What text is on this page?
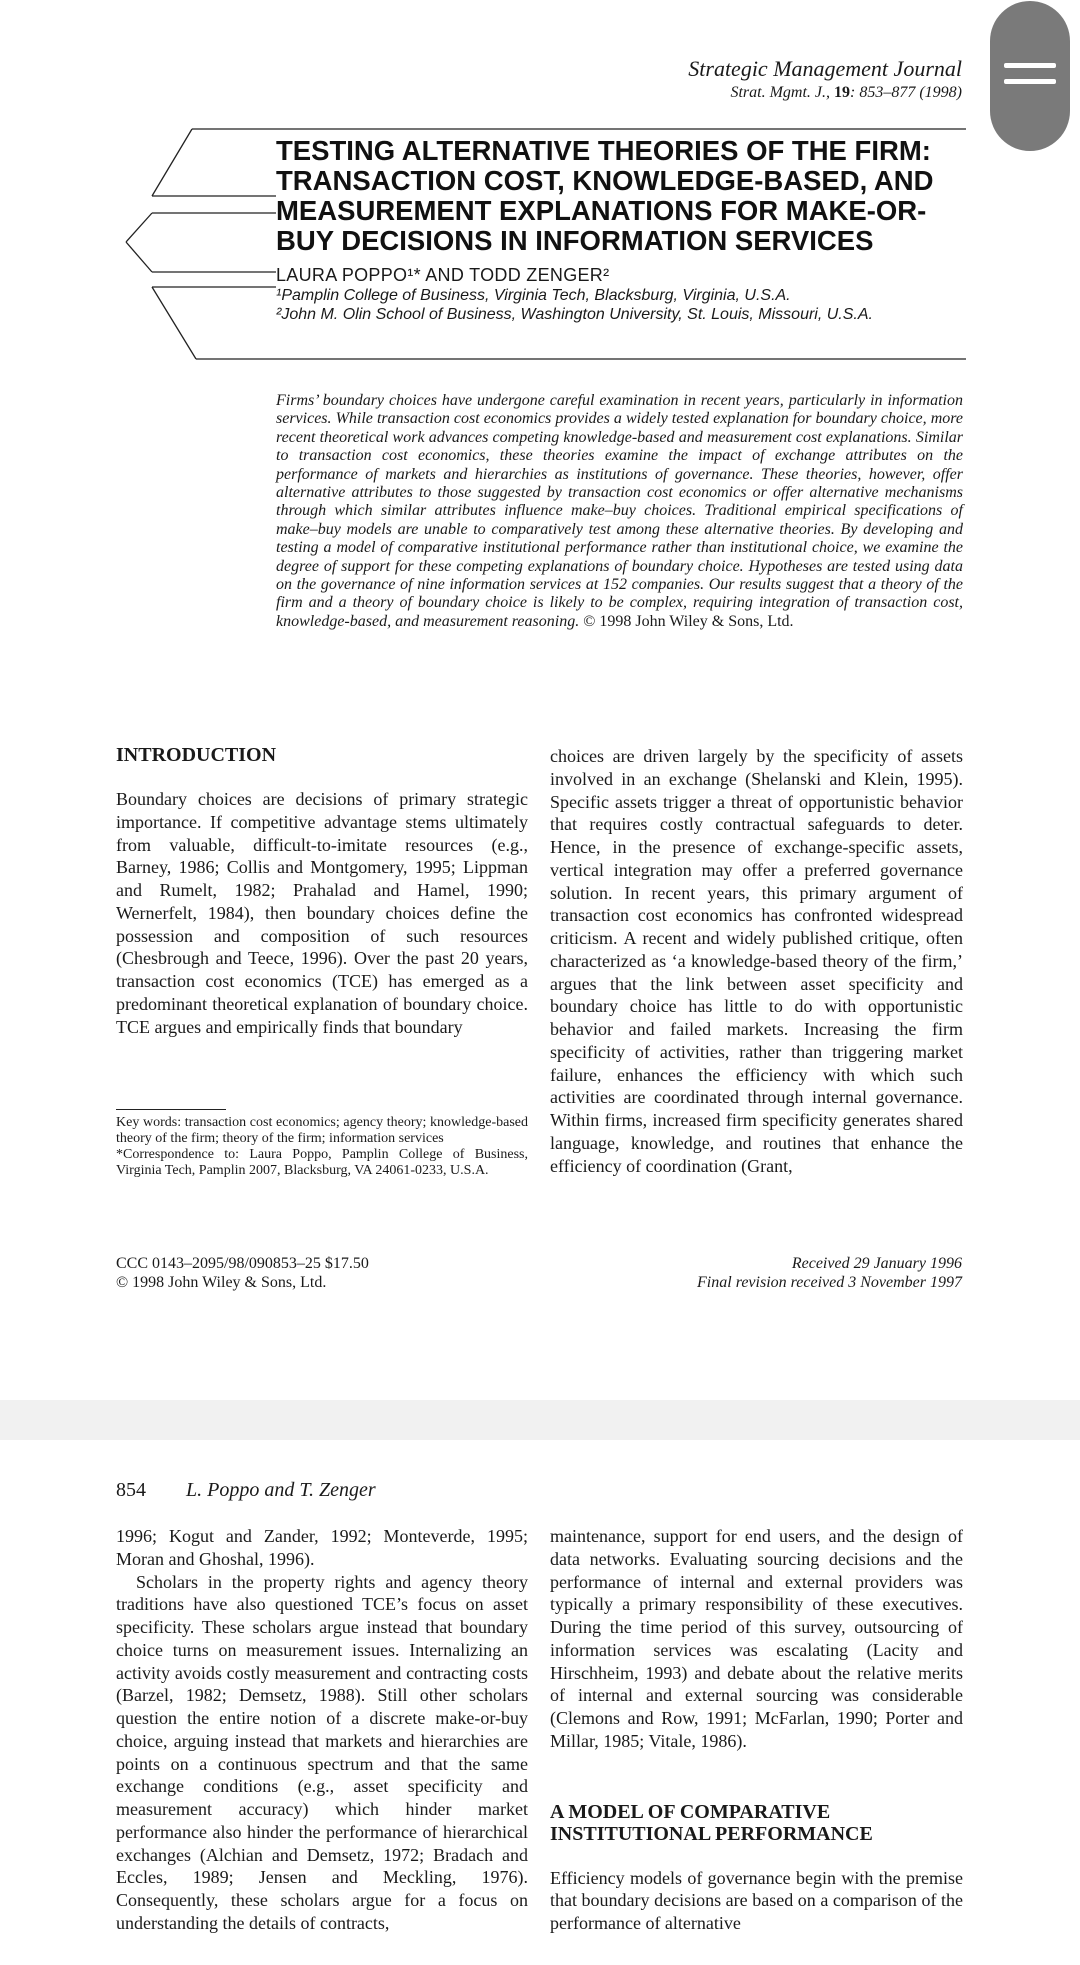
Strategic Management Journal
Strat. Mgmt. J., 19: 853–877 (1998)
TESTING ALTERNATIVE THEORIES OF THE FIRM:
TRANSACTION COST, KNOWLEDGE-BASED, AND
MEASUREMENT EXPLANATIONS FOR MAKE-OR-
BUY DECISIONS IN INFORMATION SERVICES
LAURA POPPO¹* AND TODD ZENGER²
¹Pamplin College of Business, Virginia Tech, Blacksburg, Virginia, U.S.A.
²John M. Olin School of Business, Washington University, St. Louis, Missouri, U.S.A.
Firms’ boundary choices have undergone careful examination in recent years, particularly in information services. While transaction cost economics provides a widely tested explanation for boundary choice, more recent theoretical work advances competing knowledge-based and measurement cost explanations. Similar to transaction cost economics, these theories examine the impact of exchange attributes on the performance of markets and hierarchies as institutions of governance. These theories, however, offer alternative attributes to those suggested by transaction cost economics or offer alternative mechanisms through which similar attributes influence make–buy choices. Traditional empirical specifications of make–buy models are unable to comparatively test among these alternative theories. By developing and testing a model of comparative institutional performance rather than institutional choice, we examine the degree of support for these competing explanations of boundary choice. Hypotheses are tested using data on the governance of nine information services at 152 companies. Our results suggest that a theory of the firm and a theory of boundary choice is likely to be complex, requiring integration of transaction cost, knowledge-based, and measurement reasoning. © 1998 John Wiley & Sons, Ltd.
INTRODUCTION
Boundary choices are decisions of primary strategic importance. If competitive advantage stems ultimately from valuable, difficult-to-imitate resources (e.g., Barney, 1986; Collis and Montgomery, 1995; Lippman and Rumelt, 1982; Prahalad and Hamel, 1990; Wernerfelt, 1984), then boundary choices define the possession and composition of such resources (Chesbrough and Teece, 1996). Over the past 20 years, transaction cost economics (TCE) has emerged as a predominant theoretical explanation of boundary choice. TCE argues and empirically finds that boundary
choices are driven largely by the specificity of assets involved in an exchange (Shelanski and Klein, 1995). Specific assets trigger a threat of opportunistic behavior that requires costly contractual safeguards to deter. Hence, in the presence of exchange-specific assets, vertical integration may offer a preferred governance solution. In recent years, this primary argument of transaction cost economics has confronted widespread criticism. A recent and widely published critique, often characterized as ‘a knowledge-based theory of the firm,’ argues that the link between asset specificity and boundary choice has little to do with opportunistic behavior and failed markets. Increasing the firm specificity of activities, rather than triggering market failure, enhances the efficiency with which such activities are coordinated through internal governance. Within firms, increased firm specificity generates shared language, knowledge, and routines that enhance the efficiency of coordination (Grant,
Key words: transaction cost economics; agency theory; knowledge-based theory of the firm; theory of the firm; information services
*Correspondence to: Laura Poppo, Pamplin College of Business, Virginia Tech, Pamplin 2007, Blacksburg, VA 24061-0233, U.S.A.
CCC 0143–2095/98/090853–25 $17.50
© 1998 John Wiley & Sons, Ltd.
Received 29 January 1996
Final revision received 3 November 1997
854 L. Poppo and T. Zenger
1996; Kogut and Zander, 1992; Monteverde, 1995; Moran and Ghoshal, 1996).
Scholars in the property rights and agency theory traditions have also questioned TCE’s focus on asset specificity. These scholars argue instead that boundary choice turns on measurement issues. Internalizing an activity avoids costly measurement and contracting costs (Barzel, 1982; Demsetz, 1988). Still other scholars question the entire notion of a discrete make-or-buy choice, arguing instead that markets and hierarchies are points on a continuous spectrum and that the same exchange conditions (e.g., asset specificity and measurement accuracy) which hinder market performance also hinder the performance of hierarchical exchanges (Alchian and Demsetz, 1972; Bradach and Eccles, 1989; Jensen and Meckling, 1976). Consequently, these scholars argue for a focus on understanding the details of contracts,
maintenance, support for end users, and the design of data networks. Evaluating sourcing decisions and the performance of internal and external providers was typically a primary responsibility of these executives. During the time period of this survey, outsourcing of information services was escalating (Lacity and Hirschheim, 1993) and debate about the relative merits of internal and external sourcing was considerable (Clemons and Row, 1991; McFarlan, 1990; Porter and Millar, 1985; Vitale, 1986).
A MODEL OF COMPARATIVE
INSTITUTIONAL PERFORMANCE
Efficiency models of governance begin with the premise that boundary decisions are based on a comparison of the performance of alternative
